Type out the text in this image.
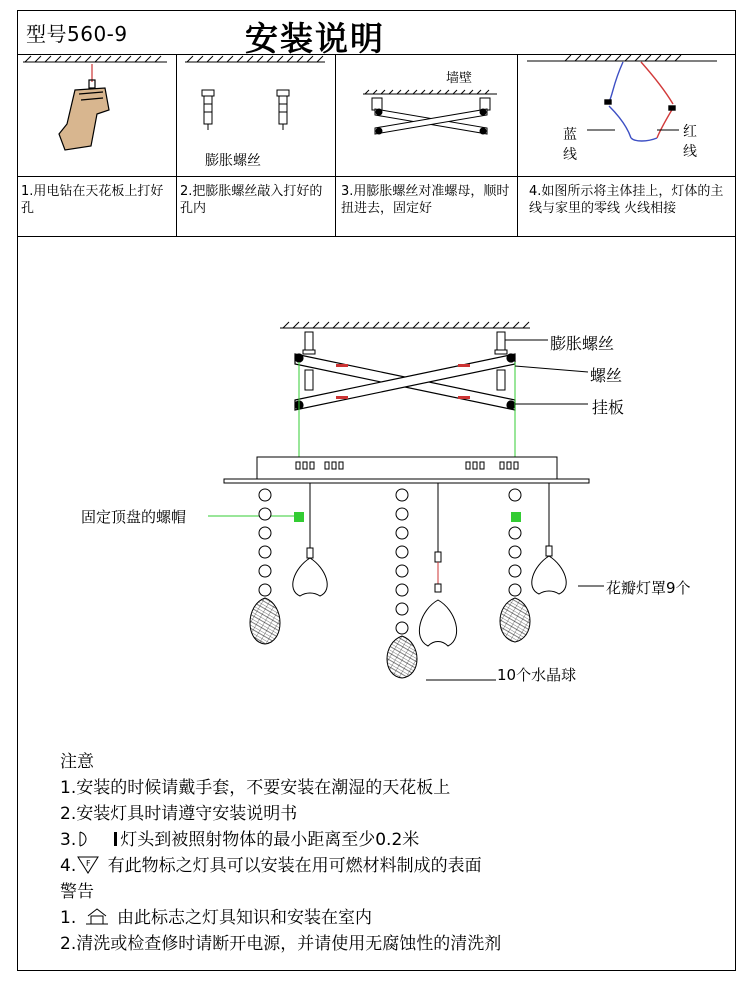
型号560-9	安装说明
膨胀螺丝
墙壁
蓝
线
红
线
1.用电钻在天花板上打好孔
2.把膨胀螺丝敲入打好的孔内
3.用膨胀螺丝对准螺母，顺时扭进去，固定好
4.如图所示将主体挂上，灯体的主线与家里的零线 火线相接
膨胀螺丝
螺丝
挂板
固定顶盘的螺帽
花瓣灯罩9个
10个水晶球
注意
1.安装的时候请戴手套，不要安装在潮湿的天花板上
2.安装灯具时请遵守安装说明书
3.	灯头到被照射物体的最小距离至少0.2米
4. F 有此物标之灯具可以安装在用可燃材料制成的表面
警告
1. 由此标志之灯具知识和安装在室内
2.清洗或检查修时请断开电源，并请使用无腐蚀性的清洗剂
